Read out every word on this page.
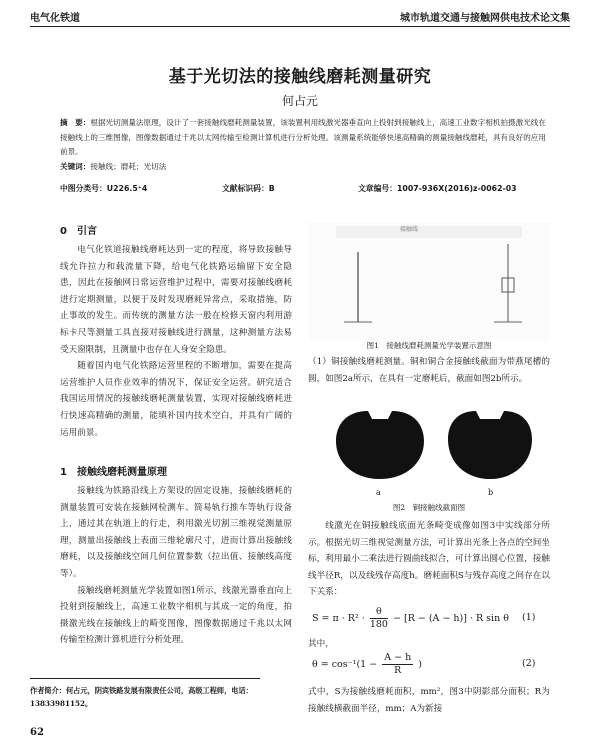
电气化铁道	城市轨道交通与接触网供电技术论文集
基于光切法的接触线磨耗测量研究
何占元
摘　要：根据光切测量法原理，设计了一套接触线磨耗测量装置，该装置利用线激光器垂直向上投射到接触线上，高速工业数字相机拍摄激光线在接触线上的三维图像，图像数据通过千兆以太网传输至检测计算机进行分析处理。该测量系统能够快速高精确的测量接触线磨耗，具有良好的应用前景。
关键词：接触线；磨耗；光切法
中图分类号：U226.5⁺4	文献标识码：B	文章编号：1007-936X(2016)z-0062-03
0　引言

电气化铁道接触线磨耗达到一定的程度，将导致接触导线允许拉力和载流量下降，给电气化铁路运输留下安全隐患，因此在接触网日常运营维护过程中，需要对接触线磨耗进行定期测量，以便于及时发现磨耗异常点，采取措施，防止事故的发生。而传统的测量方法一般在检修天窗内利用游标卡尺等测量工具直接对接触线进行测量，这种测量方法易受天窗限制，且测量中也存在人身安全隐患。

随着国内电气化铁路运营里程的不断增加，需要在提高运营维护人员作业效率的情况下，保证安全运营。研究适合我国运用情况的接触线磨耗测量装置，实现对接触线磨耗进行快速高精确的测量，能填补国内技术空白，并具有广阔的运用前景。

1　接触线磨耗测量原理

接触线为铁路沿线上方架设的固定设施，接触线磨耗的测量装置可安装在接触网检测车、简易轨行推车等轨行设备上，通过其在轨道上的行走，利用激光切割三维视觉测量原理，测量出接触线上表面三维轮廓尺寸，进而计算出接触线磨耗，以及接触线空间几何位置参数（拉出值、接触线高度等）。

接触线磨耗测量光学装置如图1所示，线激光器垂直向上投射到接触线上，高速工业数字相机与其成一定的角度，拍摄激光线在接触线上的畸变图像，图像数据通过千兆以太网传输至检测计算机进行分析处理。

作者简介：何占元，阴宾铁路发展有限责任公司，高级工程师，电话：13833981152。
62
接触线
图1　接触线磨耗测量光学装置示意图
（1）铜接触线磨耗测量。铜和铜合金接触线截面为带燕尾槽的圆，如图2a所示，在具有一定磨耗后，截面如图2b所示。
a	b
图2　铜接触线截面图

线激光在铜接触线底面光条畸变成像如图3中实线部分所示。根据光切三维视觉测量方法，可计算出光条上各点的空间坐标，利用最小二乘法进行圆曲线拟合，可计算出圆心位置，接触线半径R，以及线残存高度h。磨耗面积S与残存高度之间存在以下关系：

$S = \pi \cdot R^2 \cdot \frac{\theta}{180} - [R - (A - h)] \cdot R$ sin θ	(1)
其中，
$\theta = \cos^{-1}(1 - \frac{A - h}{R}$ )	(2)
式中，S为接触线磨耗面积，mm²，图3中阴影部分面积；R为接触线横截面半径，mm；A为新接
